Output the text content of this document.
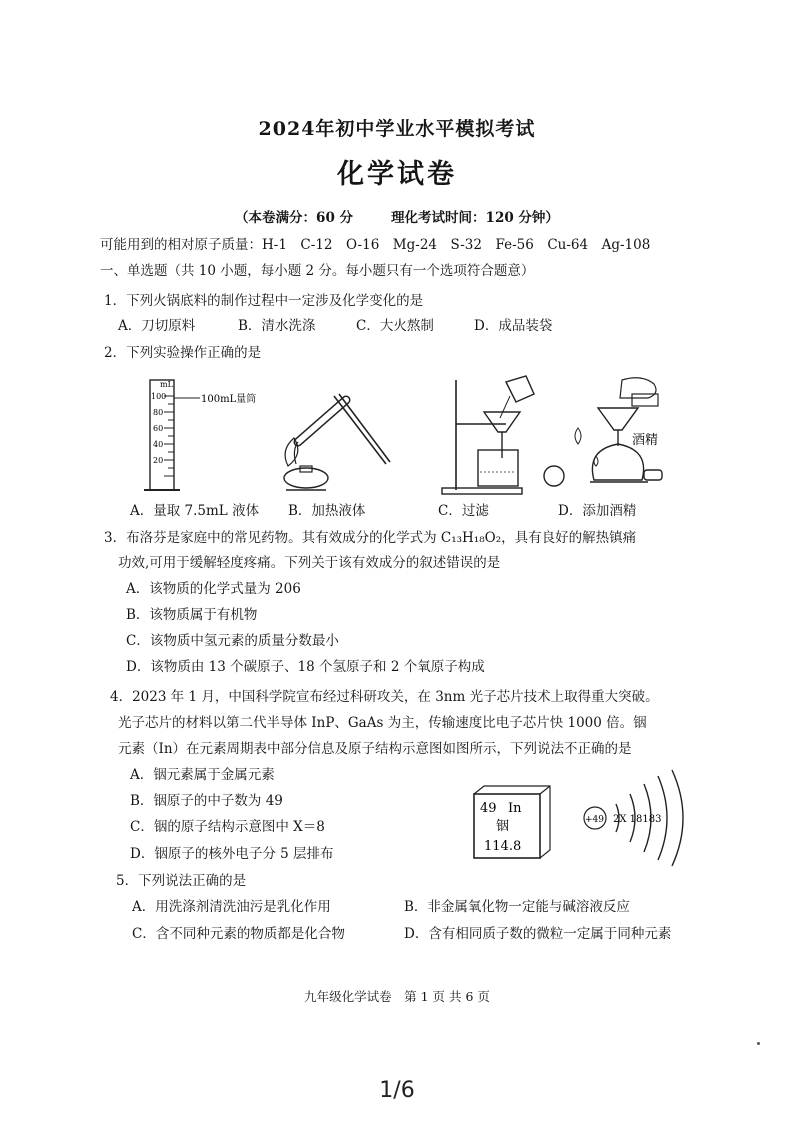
2024年初中学业水平模拟考试
化学试卷
（本卷满分：60 分	理化考试时间：120 分钟）
可能用到的相对原子质量：H-1　C-12　O-16　Mg-24　S-32　Fe-56　Cu-64　Ag-108
一、单选题（共 10 小题，每小题 2 分。每小题只有一个选项符合题意）
1．下列火锅底料的制作过程中一定涉及化学变化的是
A．刀切原料	B．清水洗涤	C．大火熬制	D．成品装袋
2．下列实验操作正确的是
mL
100
80
60
40
20
100mL量筒
酒精
A．量取 7.5mL 液体 B．加热液体	C．过滤	D．添加酒精
3．布洛芬是家庭中的常见药物。其有效成分的化学式为 C₁₃H₁₈O₂，具有良好的解热镇痛
功效,可用于缓解轻度疼痛。下列关于该有效成分的叙述错误的是
A．该物质的化学式量为 206
B．该物质属于有机物
C．该物质中氢元素的质量分数最小
D．该物质由 13 个碳原子、18 个氢原子和 2 个氧原子构成
4．2023 年 1 月，中国科学院宣布经过科研攻关，在 3nm 光子芯片技术上取得重大突破。
光子芯片的材料以第二代半导体 InP、GaAs 为主，传输速度比电子芯片快 1000 倍。铟
元素（In）在元素周期表中部分信息及原子结构示意图如图所示，下列说法不正确的是
A．铟元素属于金属元素
B．铟原子的中子数为 49
C．铟的原子结构示意图中 X＝8
D．铟原子的核外电子分 5 层排布
49 In
铟
114.8
+49 2X 18183
5．下列说法正确的是
A．用洗涤剂清洗油污是乳化作用	B．非金属氧化物一定能与碱溶液反应
C．含不同种元素的物质都是化合物	D．含有相同质子数的微粒一定属于同种元素
九年级化学试卷　第 1 页 共 6 页
1/6
